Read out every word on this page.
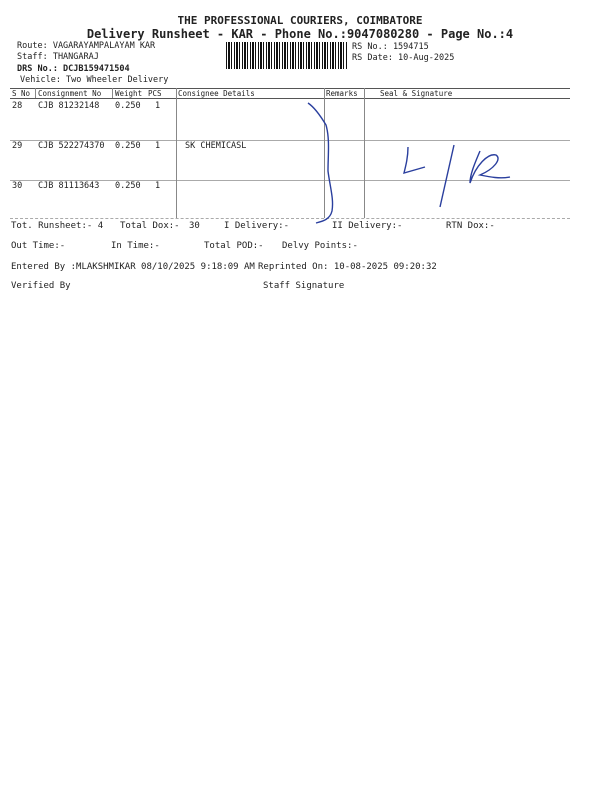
THE PROFESSIONAL COURIERS, COIMBATORE
Delivery Runsheet - KAR - Phone No.:9047080280 - Page No.:4
Route: VAGARAYAMPALAYAM KAR
Staff: THANGARAJ
DRS No.: DCJB159471504
Vehicle: Two Wheeler Delivery
RS No.: 1594715
RS Date: 10-Aug-2025
S No Consignment No Weight PCS Consignee Details	Remarks	Seal & Signature
28 CJB 81232148 0.250 1
29 CJB 522274370 0.250 1	SK CHEMICASL
30 CJB 81113643 0.250 1
Tot. Runsheet:- 4 Total Dox:- 30	I Delivery:-	II Delivery:-	RTN Dox:-
Out Time:-	In Time:-	Total POD:- Delvy Points:-
Entered By :MLAKSHMIKAR 08/10/2025 9:18:09 AM Reprinted On: 10-08-2025 09:20:32
Verified By	Staff Signature
